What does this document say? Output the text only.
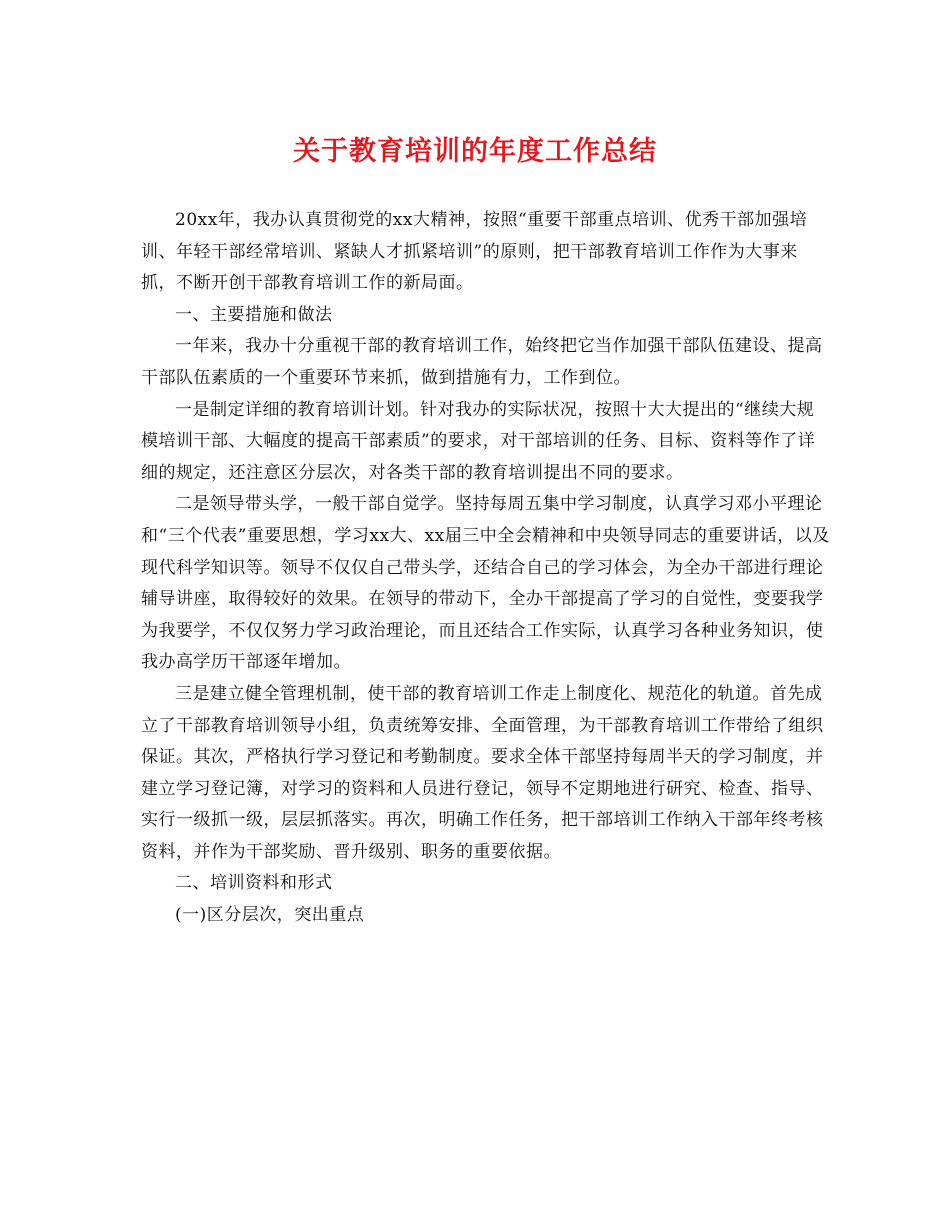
关于教育培训的年度工作总结

20xx年，我办认真贯彻党的xx大精神，按照“重要干部重点培训、优秀干部加强培训、年轻干部经常培训、紧缺人才抓紧培训”的原则，把干部教育培训工作作为大事来抓，不断开创干部教育培训工作的新局面。

一、主要措施和做法

一年来，我办十分重视干部的教育培训工作，始终把它当作加强干部队伍建设、提高干部队伍素质的一个重要环节来抓，做到措施有力，工作到位。

一是制定详细的教育培训计划。针对我办的实际状况，按照十大大提出的“继续大规模培训干部、大幅度的提高干部素质”的要求，对干部培训的任务、目标、资料等作了详细的规定，还注意区分层次，对各类干部的教育培训提出不同的要求。

二是领导带头学，一般干部自觉学。坚持每周五集中学习制度，认真学习邓小平理论和“三个代表”重要思想，学习xx大、xx届三中全会精神和中央领导同志的重要讲话，以及现代科学知识等。领导不仅仅自己带头学，还结合自己的学习体会，为全办干部进行理论辅导讲座，取得较好的效果。在领导的带动下，全办干部提高了学习的自觉性，变要我学为我要学，不仅仅努力学习政治理论，而且还结合工作实际，认真学习各种业务知识，使我办高学历干部逐年增加。

三是建立健全管理机制，使干部的教育培训工作走上制度化、规范化的轨道。首先成立了干部教育培训领导小组，负责统筹安排、全面管理，为干部教育培训工作带给了组织保证。其次，严格执行学习登记和考勤制度。要求全体干部坚持每周半天的学习制度，并建立学习登记簿，对学习的资料和人员进行登记，领导不定期地进行研究、检查、指导、实行一级抓一级，层层抓落实。再次，明确工作任务，把干部培训工作纳入干部年终考核资料，并作为干部奖励、晋升级别、职务的重要依据。

二、培训资料和形式

(一)区分层次，突出重点
